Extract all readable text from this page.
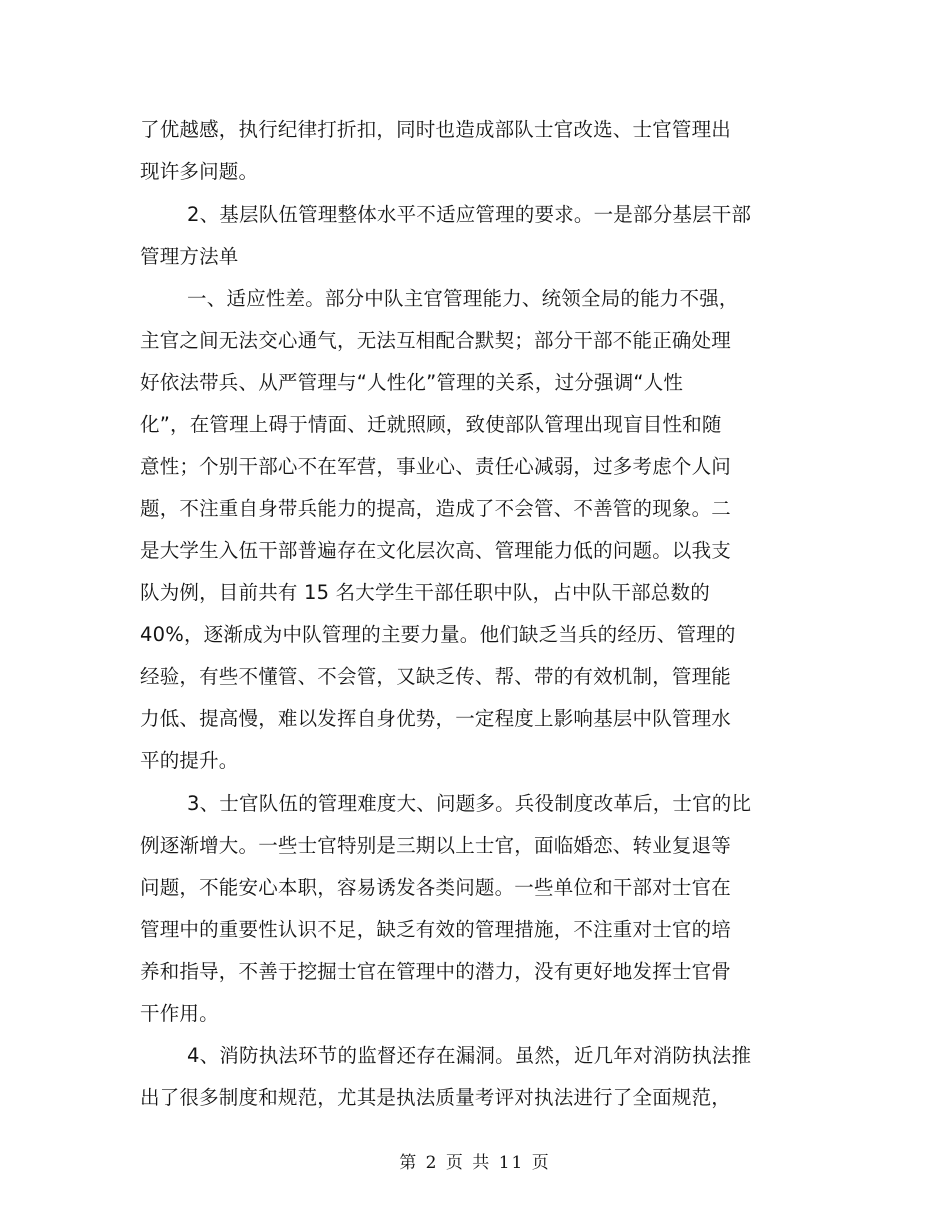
了优越感，执行纪律打折扣，同时也造成部队士官改选、士官管理出
现许多问题。
2、基层队伍管理整体水平不适应管理的要求。一是部分基层干部
管理方法单
一、适应性差。部分中队主官管理能力、统领全局的能力不强，
主官之间无法交心通气，无法互相配合默契；部分干部不能正确处理
好依法带兵、从严管理与“人性化”管理的关系，过分强调“人性
化”，在管理上碍于情面、迁就照顾，致使部队管理出现盲目性和随
意性；个别干部心不在军营，事业心、责任心减弱，过多考虑个人问
题，不注重自身带兵能力的提高，造成了不会管、不善管的现象。二
是大学生入伍干部普遍存在文化层次高、管理能力低的问题。以我支
队为例，目前共有 15 名大学生干部任职中队，占中队干部总数的
40%，逐渐成为中队管理的主要力量。他们缺乏当兵的经历、管理的
经验，有些不懂管、不会管，又缺乏传、帮、带的有效机制，管理能
力低、提高慢，难以发挥自身优势，一定程度上影响基层中队管理水
平的提升。
3、士官队伍的管理难度大、问题多。兵役制度改革后，士官的比
例逐渐增大。一些士官特别是三期以上士官，面临婚恋、转业复退等
问题，不能安心本职，容易诱发各类问题。一些单位和干部对士官在
管理中的重要性认识不足，缺乏有效的管理措施，不注重对士官的培
养和指导，不善于挖掘士官在管理中的潜力，没有更好地发挥士官骨
干作用。
4、消防执法环节的监督还存在漏洞。虽然，近几年对消防执法推
出了很多制度和规范，尤其是执法质量考评对执法进行了全面规范，
第 2 页 共 11 页
